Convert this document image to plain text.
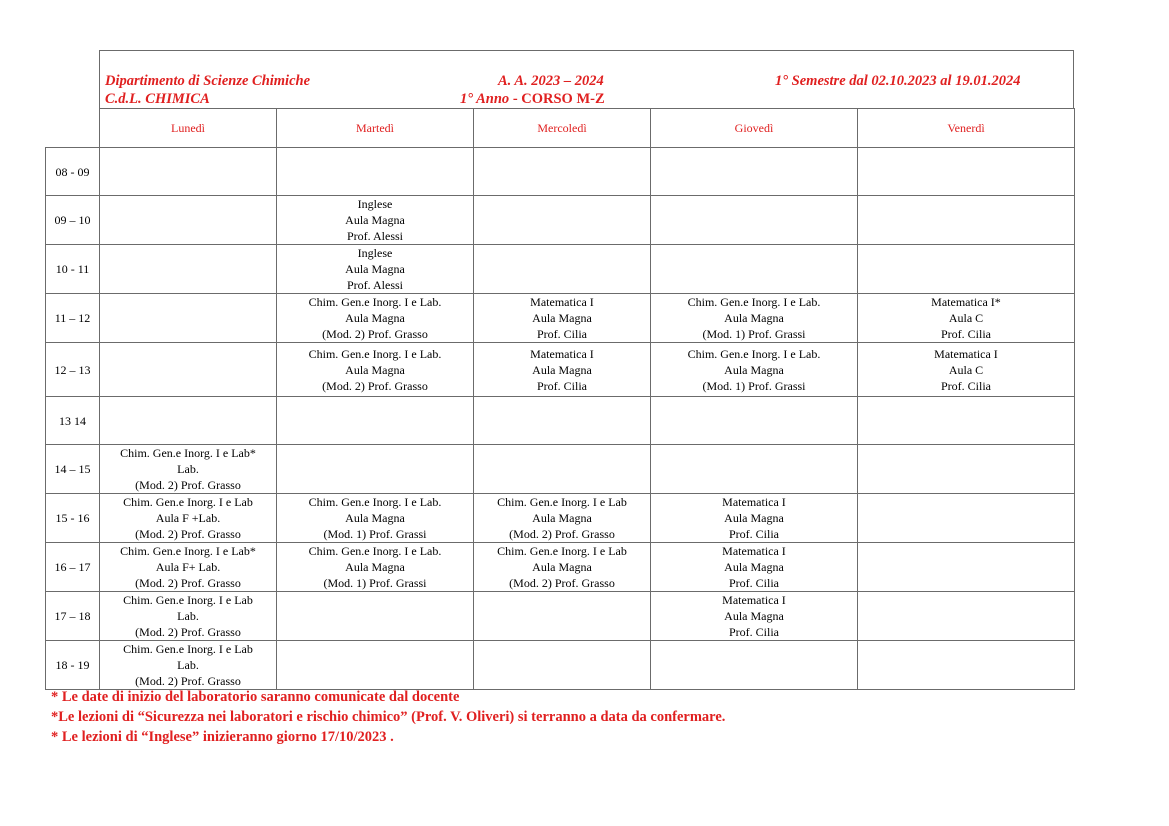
Dipartimento di Scienze Chimiche	A. A. 2023 – 2024	1° Semestre dal 02.10.2023 al 19.01.2024
C.d.L. CHIMICA	1° Anno - CORSO M-Z
	Lunedì	Martedì	Mercoledì	Giovedì	Venerdì
08 - 09					
09 – 10		Inglese
Aula Magna
Prof. Alessi			

10 - 11		Inglese
Aula Magna
Prof. Alessi			

11 – 12		Chim. Gen.e Inorg. I e Lab.
Aula Magna
(Mod. 2) Prof. Grasso	Matematica I
Aula Magna
Prof. Cilia	Chim. Gen.e Inorg. I e Lab.
Aula Magna
(Mod. 1) Prof. Grassi	Matematica I*
Aula C
Prof. Cilia

12 – 13		Chim. Gen.e Inorg. I e Lab.
Aula Magna
(Mod. 2) Prof. Grasso	Matematica I
Aula Magna
Prof. Cilia	Chim. Gen.e Inorg. I e Lab.
Aula Magna
(Mod. 1) Prof. Grassi	Matematica I
Aula C
Prof. Cilia

13 14					
14 – 15	Chim. Gen.e Inorg. I e Lab*
Lab.
(Mod. 2) Prof. Grasso				

15 - 16	Chim. Gen.e Inorg. I e Lab
Aula F +Lab.
(Mod. 2) Prof. Grasso	Chim. Gen.e Inorg. I e Lab.
Aula Magna
(Mod. 1) Prof. Grassi	Chim. Gen.e Inorg. I e Lab
Aula Magna
(Mod. 2) Prof. Grasso	Matematica I
Aula Magna
Prof. Cilia	

16 – 17	Chim. Gen.e Inorg. I e Lab*
Aula F+ Lab.
(Mod. 2) Prof. Grasso	Chim. Gen.e Inorg. I e Lab.
Aula Magna
(Mod. 1) Prof. Grassi	Chim. Gen.e Inorg. I e Lab
Aula Magna
(Mod. 2) Prof. Grasso	Matematica I
Aula Magna
Prof. Cilia	

17 – 18	Chim. Gen.e Inorg. I e Lab
Lab.
(Mod. 2) Prof. Grasso			Matematica I
Aula Magna
Prof. Cilia	

18 - 19	Chim. Gen.e Inorg. I e Lab
Lab.
(Mod. 2) Prof. Grasso				

* Le date di inizio del laboratorio saranno comunicate dal docente
*Le lezioni di “Sicurezza nei laboratori e rischio chimico” (Prof. V. Oliveri) si terranno a data da confermare.
* Le lezioni di “Inglese” inizieranno giorno 17/10/2023 .
